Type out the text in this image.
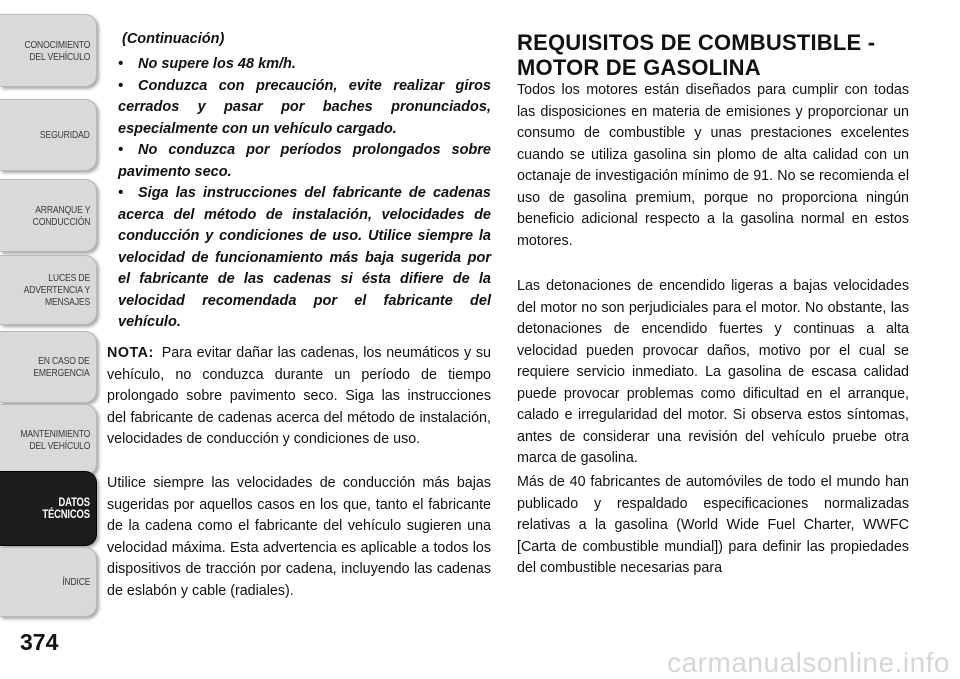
CONOCIMIENTO
DEL VEHÍCULO
SEGURIDAD
ARRANQUE Y
CONDUCCIÓN
LUCES DE
ADVERTENCIA Y
MENSAJES
EN CASO DE
EMERGENCIA
MANTENIMIENTO
DEL VEHÍCULO
DATOS
TÉCNICOS
ÍNDICE
374
(Continuación)
• No supere los 48 km/h.
• Conduzca con precaución, evite realizar giros cerrados y pasar por baches pronunciados, especialmente con un vehículo cargado.
• No conduzca por períodos prolongados sobre pavimento seco.
• Siga las instrucciones del fabricante de cadenas acerca del método de instalación, velocidades de conducción y condiciones de uso. Utilice siempre la velocidad de funcionamiento más baja sugerida por el fabricante de las cadenas si ésta difiere de la velocidad recomendada por el fabricante del vehículo.

NOTA: Para evitar dañar las cadenas, los neumáticos y su vehículo, no conduzca durante un período de tiempo prolongado sobre pavimento seco. Siga las instrucciones del fabricante de cadenas acerca del método de instalación, velocidades de conducción y condiciones de uso.

Utilice siempre las velocidades de conducción más bajas sugeridas por aquellos casos en los que, tanto el fabricante de la cadena como el fabricante del vehículo sugieren una velocidad máxima. Esta advertencia es aplicable a todos los dispositivos de tracción por cadena, incluyendo las cadenas de eslabón y cable (radiales).

REQUISITOS DE COMBUSTIBLE - MOTOR DE GASOLINA

Todos los motores están diseñados para cumplir con todas las disposiciones en materia de emisiones y proporcionar un consumo de combustible y unas prestaciones excelentes cuando se utiliza gasolina sin plomo de alta calidad con un octanaje de investigación mínimo de 91. No se recomienda el uso de gasolina premium, porque no proporciona ningún beneficio adicional respecto a la gasolina normal en estos motores.

Las detonaciones de encendido ligeras a bajas velocidades del motor no son perjudiciales para el motor. No obstante, las detonaciones de encendido fuertes y continuas a alta velocidad pueden provocar daños, motivo por el cual se requiere servicio inmediato. La gasolina de escasa calidad puede provocar problemas como dificultad en el arranque, calado e irregularidad del motor. Si observa estos síntomas, antes de considerar una revisión del vehículo pruebe otra marca de gasolina.

Más de 40 fabricantes de automóviles de todo el mundo han publicado y respaldado especificaciones normalizadas relativas a la gasolina (World Wide Fuel Charter, WWFC [Carta de combustible mundial]) para definir las propiedades del combustible necesarias para

carmanualsonline.info
